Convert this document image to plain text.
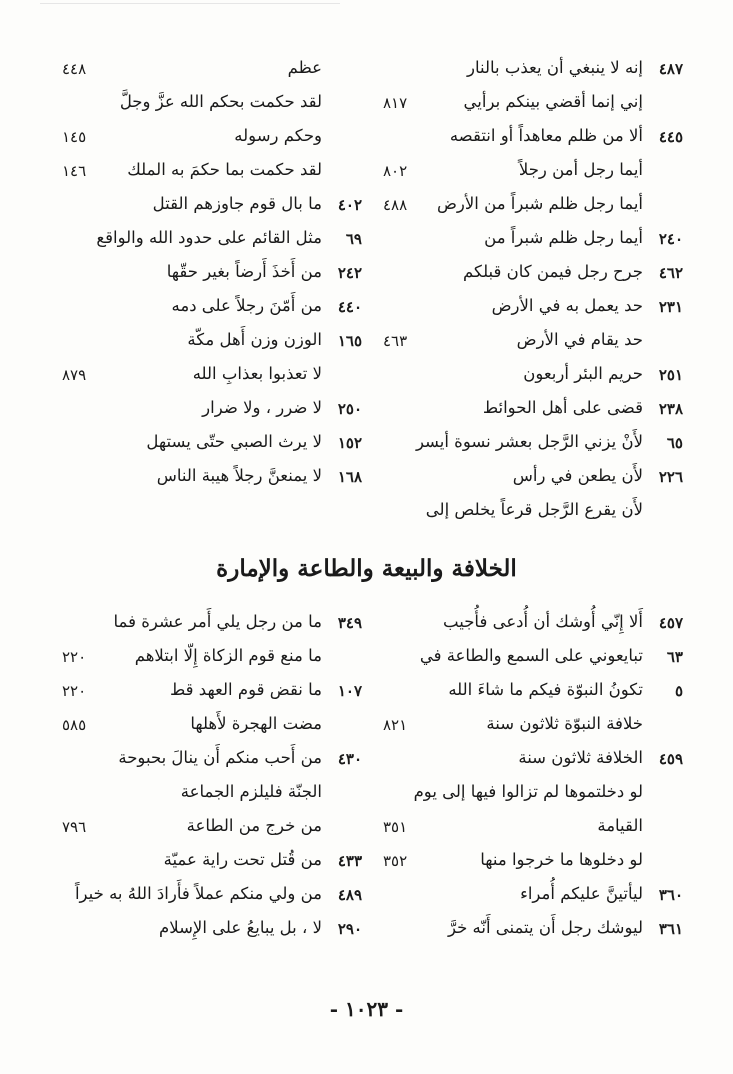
٤٨٧
إنه لا ينبغي أن يعذب بالنار
إني إنما أقضي بينكم برأيي
٨١٧
٤٤٥
ألا من ظلم معاهداً أو انتقصه
أيما رجل أمن رجلاً
٨٠٢
أيما رجل ظلم شبراً من الأرض
٤٨٨
٢٤٠
أيما رجل ظلم شبراً من
٤٦٢
جرح رجل فيمن كان قبلكم
٢٣١
حد يعمل به في الأرض
حد يقام في الأرض
٤٦٣
٢٥١
حريم البئر أربعون
٢٣٨
قضى على أهل الحوائط
٦٥
لأَنْ يزني الرَّجل بعشر نسوة أيسر
٢٢٦
لأَن يطعن في رأس
لأَن يقرع الرَّجل قرعاً يخلص إلى
عظم
٤٤٨
لقد حكمت بحكم الله عزَّ وجلَّ
وحكم رسوله
١٤٥
لقد حكمت بما حكمَ به الملك
١٤٦
٤٠٢
ما بال قوم جاوزهم القتل
٦٩
مثل القائم على حدود الله والواقع
٢٤٢
من أَخذَ أَرضاً بغير حقّها
٤٤٠
من أَمّنَ رجلاً على دمه
١٦٥
الوزن وزن أَهل مكّة
لا تعذبوا بعذابِ الله
٨٧٩
٢٥٠
لا ضرر ، ولا ضرار
١٥٢
لا يرث الصبي حتّى يستهل
١٦٨
لا يمنعنَّ رجلاً هيبة الناس
الخلافة والبيعة والطاعة والإمارة
٤٥٧
أَلا إِنّي أُوشك أن أُدعى فأُجيب
٦٣
تبايعوني على السمع والطاعة في
٥
تكونُ النبوّة فيكم ما شاءَ الله
خلافة النبوّة ثلاثون سنة
٨٢١
٤٥٩
الخلافة ثلاثون سنة
لو دخلتموها لم تزالوا فيها إلى يوم
القيامة
٣٥١
لو دخلوها ما خرجوا منها
٣٥٢
٣٦٠
ليأتينَّ عليكم أُمراء
٣٦١
ليوشك رجل أَن يتمنى أَنّه خرَّ
٣٤٩
ما من رجل يلي أَمر عشرة فما
ما منع قوم الزكاة إِلّا ابتلاهم
٢٢٠
١٠٧
ما نقض قوم العهد قط
٢٢٠
مضت الهجرة لأَهلها
٥٨٥
٤٣٠
من أَحب منكم أَن ينالَ بحبوحة
الجنّة فليلزم الجماعة
من خرج من الطاعة
٧٩٦
٤٣٣
من قُتل تحت راية عميّة
٤٨٩
من ولي منكم عملاً فأَرادَ اللهُ به خيراً
٢٩٠
لا ، بل يبايعُ على الإِسلام
- ١٠٢٣ -
